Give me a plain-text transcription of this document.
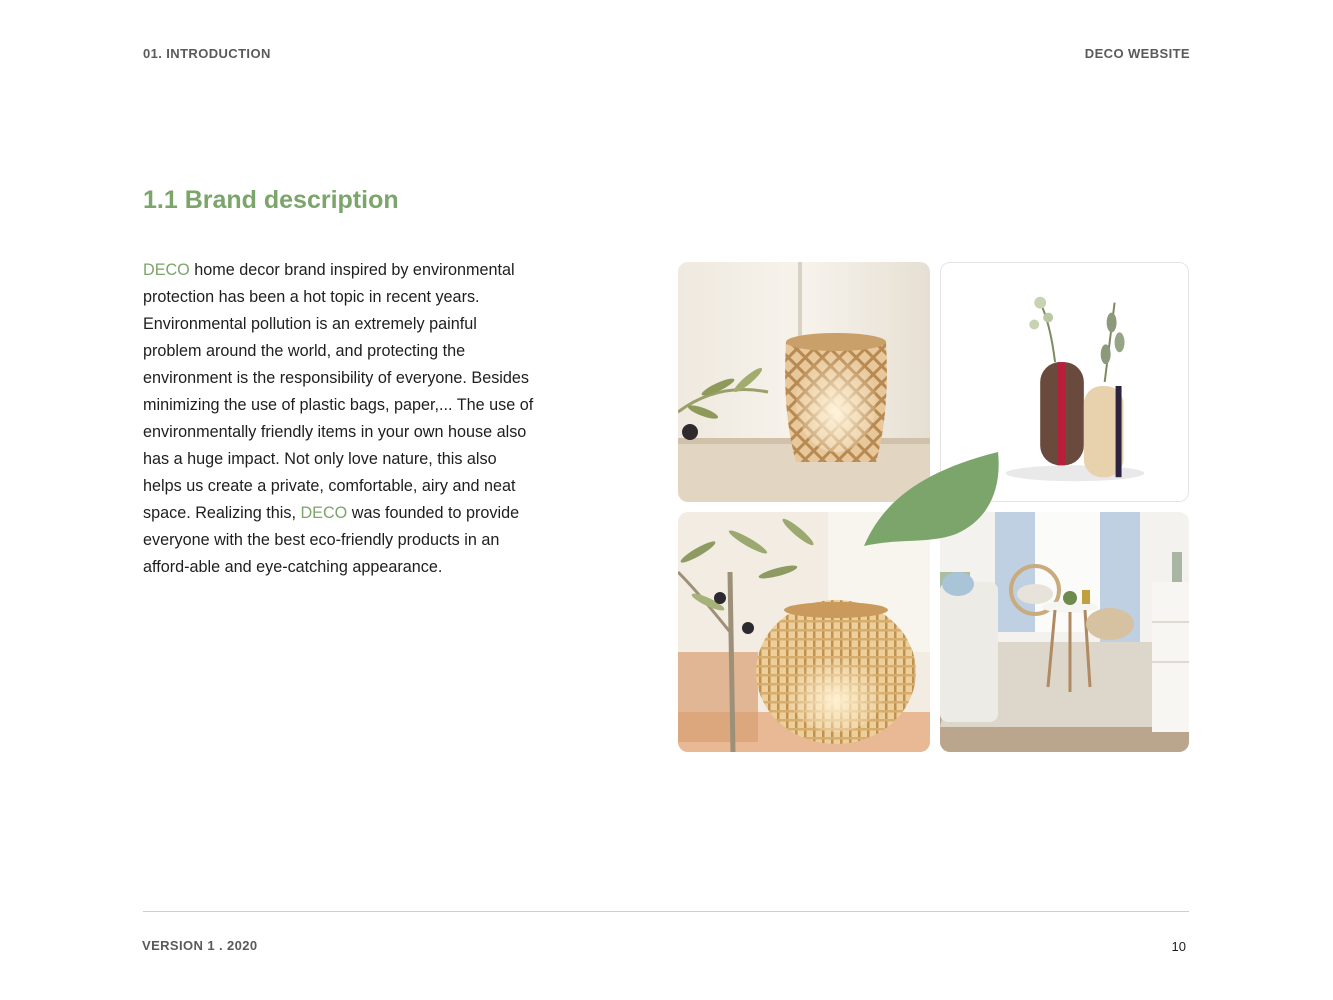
01. INTRODUCTION	DECO WEBSITE
1.1 Brand description

DECO home decor brand inspired by environmental protection has been a hot topic in recent years. Environmental pollution is an extremely painful problem around the world, and protecting the environment is the responsibility of everyone. Besides minimizing the use of plastic bags, paper,... The use of environmentally friendly items in your own house also has a huge impact. Not only love nature, this also helps us create a private, comfortable, airy and neat space. Realizing this, DECO was founded to provide everyone with the best eco-friendly products in an afford-able and eye-catching appearance.

VERSION 1 . 2020	10
